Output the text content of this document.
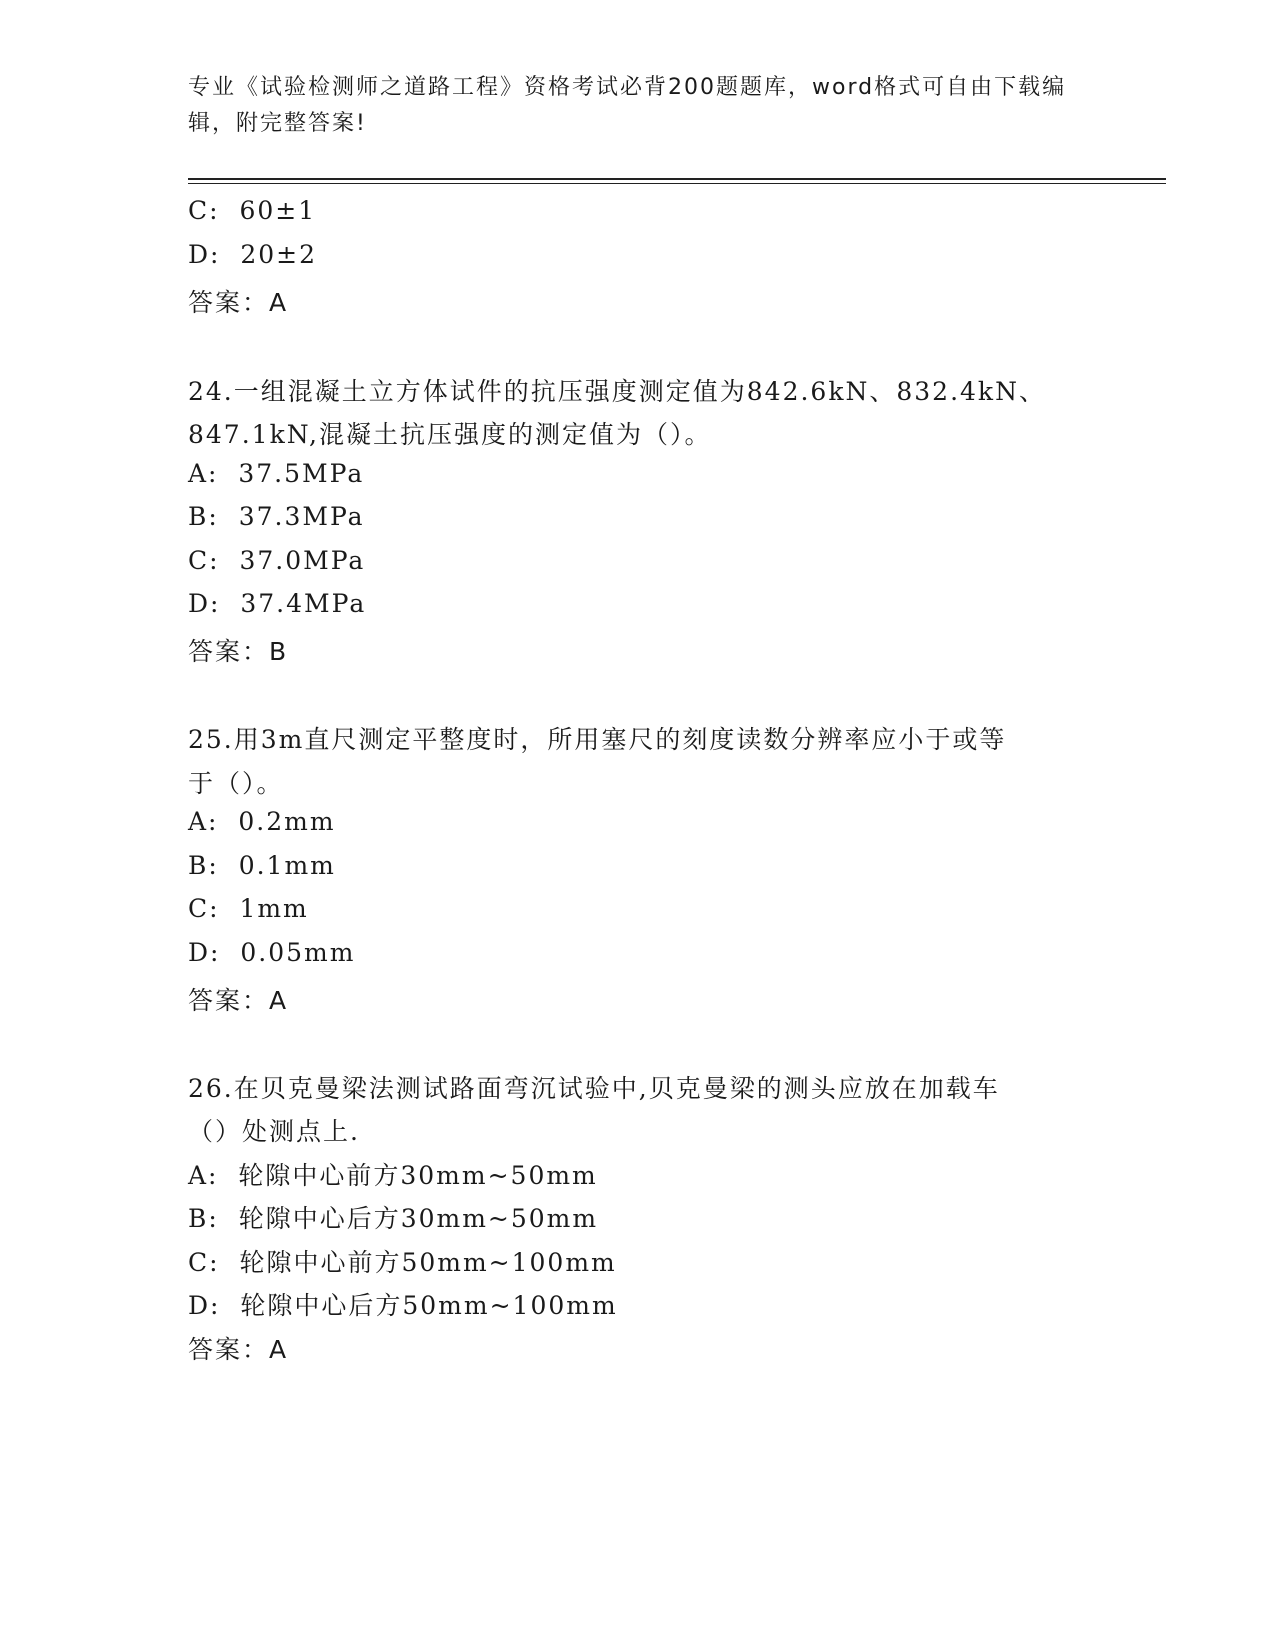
专业《试验检测师之道路工程》资格考试必背200题题库，word格式可自由下载编辑，附完整答案!
C:  60±1
D:  20±2
答案：A
24.一组混凝土立方体试件的抗压强度测定值为842.6kN、832.4kN、
847.1kN,混凝土抗压强度的测定值为（）。
A:  37.5MPa
B:  37.3MPa
C:  37.0MPa
D:  37.4MPa
答案：B
25.用3m直尺测定平整度时，所用塞尺的刻度读数分辨率应小于或等
于（）。
A:  0.2mm
B:  0.1mm
C:  1mm
D:  0.05mm
答案：A
26.在贝克曼梁法测试路面弯沉试验中,贝克曼梁的测头应放在加载车
（）处测点上.
A:  轮隙中心前方30mm~50mm
B:  轮隙中心后方30mm~50mm
C:  轮隙中心前方50mm~100mm
D:  轮隙中心后方50mm~100mm
答案：A
